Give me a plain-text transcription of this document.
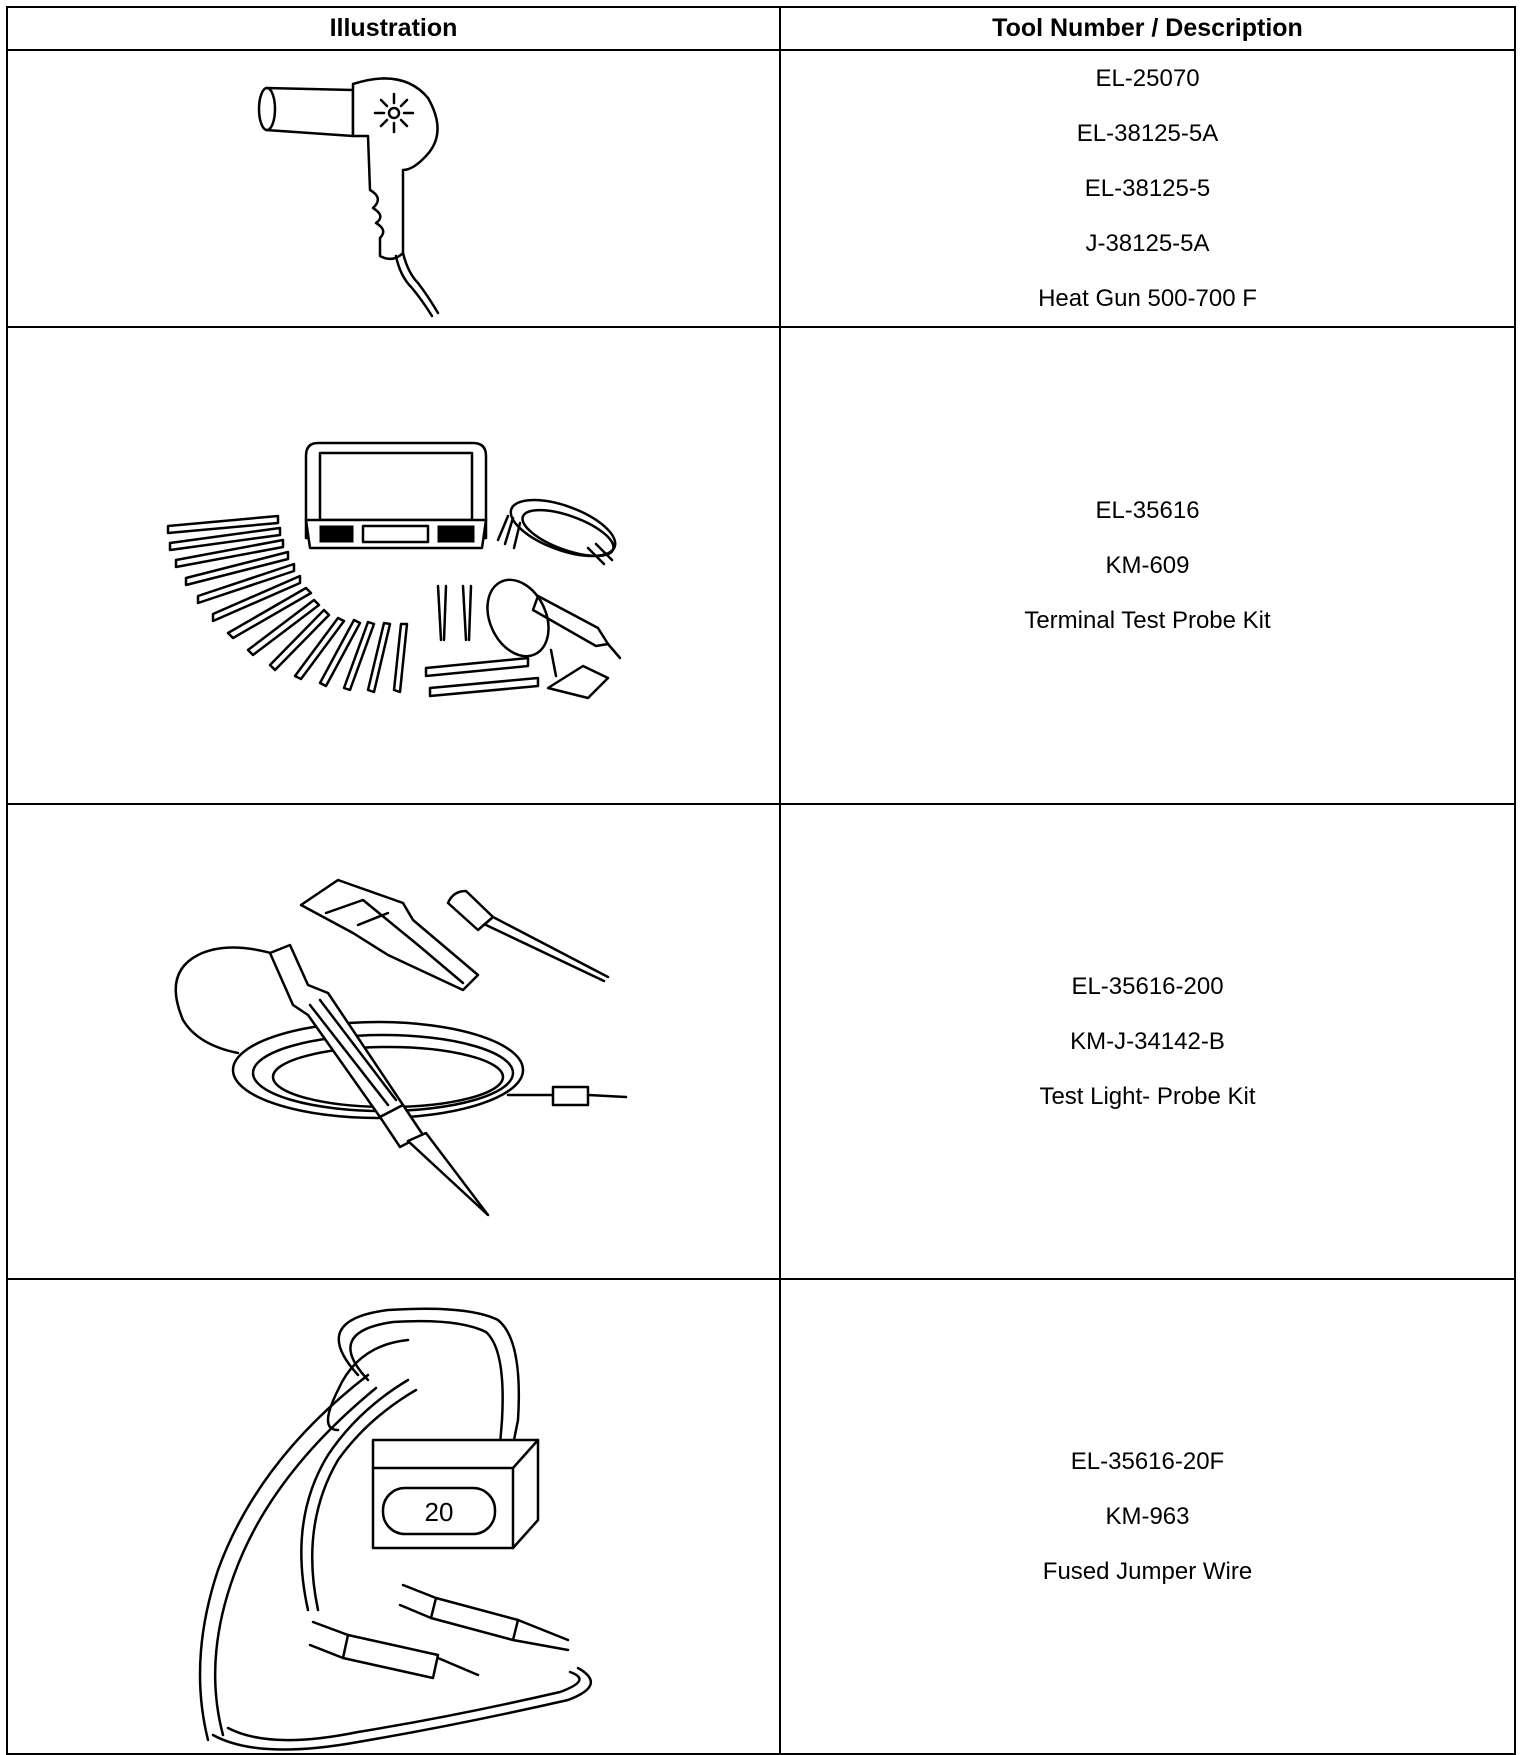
Illustration	Tool Number / Description

EL-25070
EL-38125-5A
EL-38125-5
J-38125-5A
Heat Gun 500-700 F

EL-35616
KM-609
Terminal Test Probe Kit

EL-35616-200
KM-J-34142-B
Test Light- Probe Kit

20	EL-35616-20F
KM-963
Fused Jumper Wire
